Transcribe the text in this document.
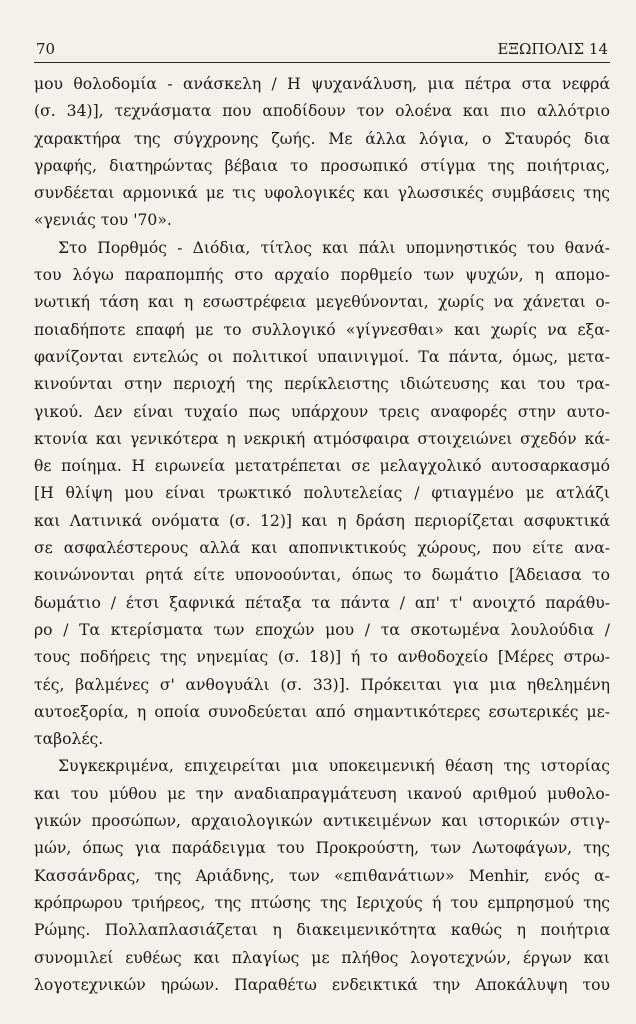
70	ΕΞΩΠΟΛΙΣ 14
μου θολοδομία - ανάσκελη / Η ψυχανάλυση, μια πέτρα στα νεφρά
(σ. 34)], τεχνάσματα που αποδίδουν τον ολοένα και πιο αλλότριο
χαρακτήρα της σύγχρονης ζωής. Με άλλα λόγια, ο Σταυρός δια
γραφής, διατηρώντας βέβαια το προσωπικό στίγμα της ποιήτριας,
συνδέεται αρμονικά με τις υφολογικές και γλωσσικές συμβάσεις της
«γενιάς του '70».
Στο Πορθμός - Διόδια, τίτλος και πάλι υπομνηστικός του θανά-
του λόγω παραπομπής στο αρχαίο πορθμείο των ψυχών, η απομο-
νωτική τάση και η εσωστρέφεια μεγεθύνονται, χωρίς να χάνεται ο-
ποιαδήποτε επαφή με το συλλογικό «γίγνεσθαι» και χωρίς να εξα-
φανίζονται εντελώς οι πολιτικοί υπαινιγμοί. Τα πάντα, όμως, μετα-
κινούνται στην περιοχή της περίκλειστης ιδιώτευσης και του τρα-
γικού. Δεν είναι τυχαίο πως υπάρχουν τρεις αναφορές στην αυτο-
κτονία και γενικότερα η νεκρική ατμόσφαιρα στοιχειώνει σχεδόν κά-
θε ποίημα. Η ειρωνεία μετατρέπεται σε μελαγχολικό αυτοσαρκασμό
[Η θλίψη μου είναι τρωκτικό πολυτελείας / φτιαγμένο με ατλάζι
και Λατινικά ονόματα (σ. 12)] και η δράση περιορίζεται ασφυκτικά
σε ασφαλέστερους αλλά και αποπνικτικούς χώρους, που είτε ανα-
κοινώνονται ρητά είτε υπονοούνται, όπως το δωμάτιο [Άδειασα το
δωμάτιο / έτσι ξαφνικά πέταξα τα πάντα / απ' τ' ανοιχτό παράθυ-
ρο / Τα κτερίσματα των εποχών μου / τα σκοτωμένα λουλούδια /
τους ποδήρεις της νηνεμίας (σ. 18)] ή το ανθοδοχείο [Μέρες στρω-
τές, βαλμένες σ' ανθογυάλι (σ. 33)]. Πρόκειται για μια ηθελημένη
αυτοεξορία, η οποία συνοδεύεται από σημαντικότερες εσωτερικές με-
ταβολές.
Συγκεκριμένα, επιχειρείται μια υποκειμενική θέαση της ιστορίας
και του μύθου με την αναδιαπραγμάτευση ικανού αριθμού μυθολο-
γικών προσώπων, αρχαιολογικών αντικειμένων και ιστορικών στιγ-
μών, όπως για παράδειγμα του Προκρούστη, των Λωτοφάγων, της
Κασσάνδρας, της Αριάδνης, των «επιθανάτιων» Menhir, ενός α-
κρόπρωρου τριήρεος, της πτώσης της Ιεριχούς ή του εμπρησμού της
Ρώμης. Πολλαπλασιάζεται η διακειμενικότητα καθώς η ποιήτρια
συνομιλεί ευθέως και πλαγίως με πλήθος λογοτεχνών, έργων και
λογοτεχνικών ηρώων. Παραθέτω ενδεικτικά την Αποκάλυψη του
